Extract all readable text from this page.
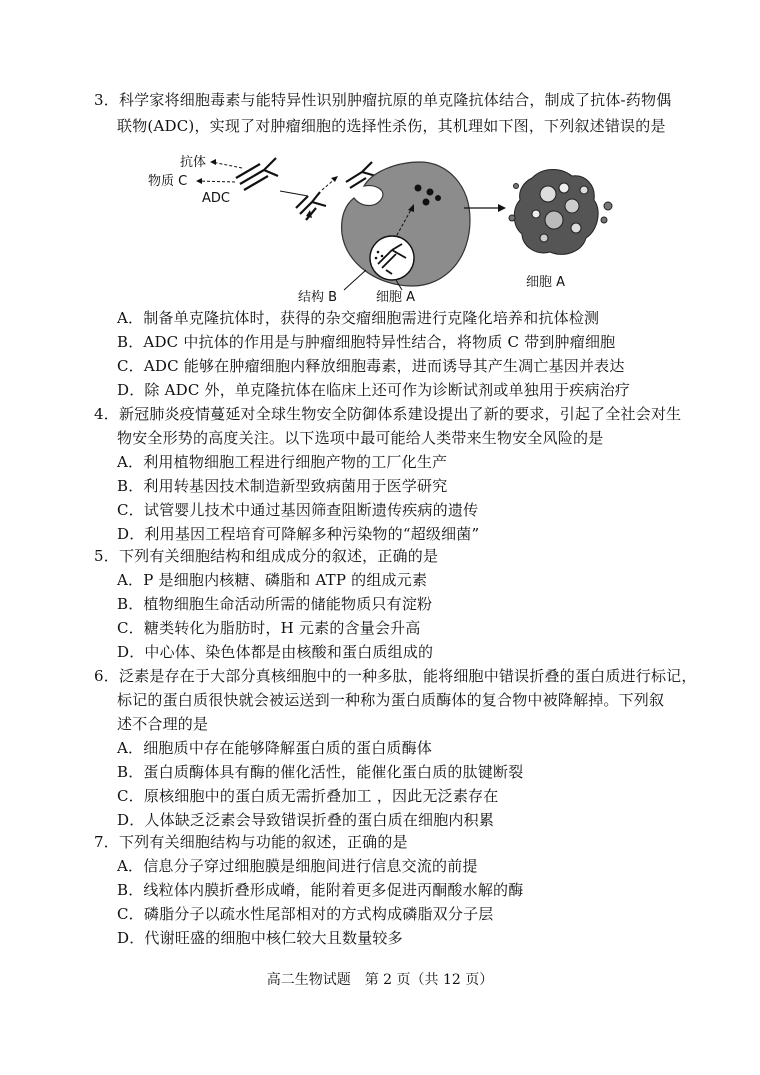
3．科学家将细胞毒素与能特异性识别肿瘤抗原的单克隆抗体结合，制成了抗体-药物偶
联物(ADC)，实现了对肿瘤细胞的选择性杀伤，其机理如下图，下列叙述错误的是
抗体
物质 C
ADC
结构 B	细胞 A
细胞 A
A．制备单克隆抗体时，获得的杂交瘤细胞需进行克隆化培养和抗体检测
B．ADC 中抗体的作用是与肿瘤细胞特异性结合，将物质 C 带到肿瘤细胞
C．ADC 能够在肿瘤细胞内释放细胞毒素，进而诱导其产生凋亡基因并表达
D．除 ADC 外，单克隆抗体在临床上还可作为诊断试剂或单独用于疾病治疗
4．新冠肺炎疫情蔓延对全球生物安全防御体系建设提出了新的要求，引起了全社会对生
物安全形势的高度关注。以下选项中最可能给人类带来生物安全风险的是
A．利用植物细胞工程进行细胞产物的工厂化生产
B．利用转基因技术制造新型致病菌用于医学研究
C．试管婴儿技术中通过基因筛查阻断遗传疾病的遗传
D．利用基因工程培育可降解多种污染物的“超级细菌”
5．下列有关细胞结构和组成成分的叙述，正确的是
A．P 是细胞内核糖、磷脂和 ATP 的组成元素
B．植物细胞生命活动所需的储能物质只有淀粉
C．糖类转化为脂肪时，H 元素的含量会升高
D．中心体、染色体都是由核酸和蛋白质组成的
6．泛素是存在于大部分真核细胞中的一种多肽，能将细胞中错误折叠的蛋白质进行标记，
标记的蛋白质很快就会被运送到一种称为蛋白质酶体的复合物中被降解掉。下列叙
述不合理的是
A．细胞质中存在能够降解蛋白质的蛋白质酶体
B．蛋白质酶体具有酶的催化活性，能催化蛋白质的肽键断裂
C．原核细胞中的蛋白质无需折叠加工 ，因此无泛素存在
D．人体缺乏泛素会导致错误折叠的蛋白质在细胞内积累
7．下列有关细胞结构与功能的叙述，正确的是
A．信息分子穿过细胞膜是细胞间进行信息交流的前提
B．线粒体内膜折叠形成嵴，能附着更多促进丙酮酸水解的酶
C．磷脂分子以疏水性尾部相对的方式构成磷脂双分子层
D．代谢旺盛的细胞中核仁较大且数量较多
高二生物试题　第 2 页（共 12 页）
